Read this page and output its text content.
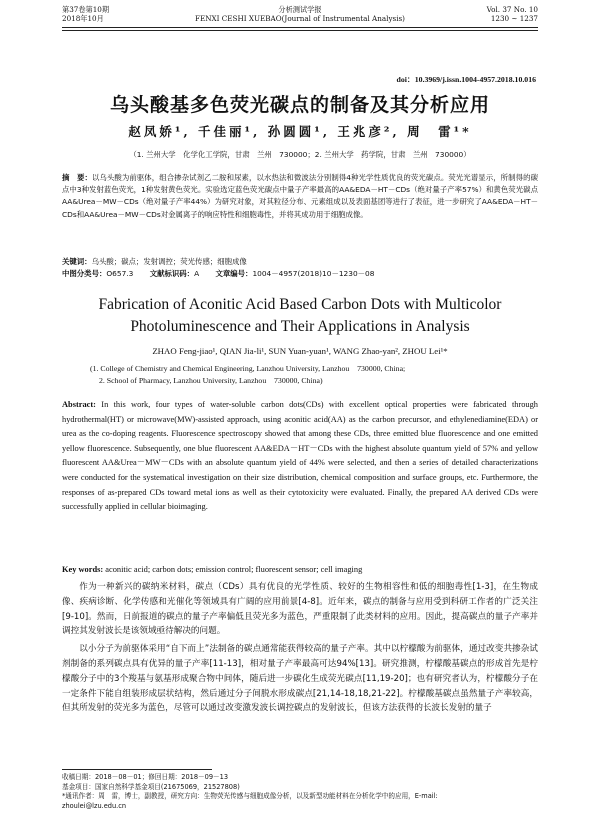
第37卷第10期
2018年10月
分析测试学报
FENXI CESHI XUEBAO(Journal of Instrumental Analysis)
Vol. 37 No. 10
1230 ~ 1237
doi：10.3969/j.issn.1004-4957.2018.10.016
乌头酸基多色荧光碳点的制备及其分析应用
赵凤娇¹, 千佳丽¹, 孙圆圆¹, 王兆彦², 周　雷¹*
（1. 兰州大学　化学化工学院，甘肃　兰州　730000；2. 兰州大学　药学院，甘肃　兰州　730000）
摘　要：以乌头酸为前驱体，组合掺杂试剂乙二胺和尿素，以水热法和微波法分别制得4种光学性质优良的荧光碳点。荧光光谱显示，所制得的碳点中3种发射蓝色荧光，1种发射黄色荧光。实验选定蓝色荧光碳点中量子产率最高的AA&EDA－HT－CDs（绝对量子产率57%）和黄色荧光碳点AA&Urea－MW－CDs（绝对量子产率44%）为研究对象，对其粒径分布、元素组成以及表面基团等进行了表征，进一步研究了AA&EDA－HT－CDs和AA&Urea－MW－CDs对金属离子的响应特性和细胞毒性，并将其成功用于细胞成像。
关键词：乌头酸；碳点；发射调控；荧光传感；细胞成像
中图分类号：O657.3 文献标识码：A 文章编号：1004－4957(2018)10－1230－08
Fabrication of Aconitic Acid Based Carbon Dots with Multicolor Photoluminescence and Their Applications in Analysis
ZHAO Feng-jiao¹, QIAN Jia-li¹, SUN Yuan-yuan¹, WANG Zhao-yan², ZHOU Lei¹*
(1. College of Chemistry and Chemical Engineering, Lanzhou University, Lanzhou　730000, China;
2. School of Pharmacy, Lanzhou University, Lanzhou　730000, China)
Abstract: In this work, four types of water-soluble carbon dots(CDs) with excellent optical properties were fabricated through hydrothermal(HT) or microwave(MW)-assisted approach, using aconitic acid(AA) as the carbon precursor, and ethylenediamine(EDA) or urea as the co-doping reagents. Fluorescence spectroscopy showed that among these CDs, three emitted blue fluorescence and one emitted yellow fluorescence. Subsequently, one blue fluorescent AA&EDA－HT－CDs with the highest absolute quantum yield of 57% and yellow fluorescent AA&Urea－MW－CDs with an absolute quantum yield of 44% were selected, and then a series of detailed characterizations were conducted for the systematical investigation on their size distribution, chemical composition and surface groups, etc. Furthermore, the responses of as-prepared CDs toward metal ions as well as their cytotoxicity were evaluated. Finally, the prepared AA derived CDs were successfully applied in cellular bioimaging.
Key words: aconitic acid; carbon dots; emission control; fluorescent sensor; cell imaging

作为一种新兴的碳纳米材料，碳点（CDs）具有优良的光学性质、较好的生物相容性和低的细胞毒性[1-3]，在生物成像、疾病诊断、化学传感和光催化等领域具有广阔的应用前景[4-8]。近年来，碳点的制备与应用受到科研工作者的广泛关注[9-10]。然而，日前报道的碳点的量子产率偏低且荧光多为蓝色，严重限制了此类材料的应用。因此，提高碳点的量子产率并调控其发射波长是该领域亟待解决的问题。

以小分子为前驱体采用“自下而上”法制备的碳点通常能获得较高的量子产率。其中以柠檬酸为前驱体，通过改变共掺杂试剂制备的系列碳点具有优异的量子产率[11-13]，相对量子产率最高可达94%[13]。研究推测，柠檬酸基碳点的形成首先是柠檬酸分子中的3个羧基与氨基形成聚合物中间体，随后进一步碳化生成荧光碳点[11,19-20]；也有研究者认为，柠檬酸分子在一定条件下能自组装形成层状结构，然后通过分子间脱水形成碳点[21,14-18,18,21-22]。柠檬酸基碳点虽然量子产率较高，但其所发射的荧光多为蓝色，尽管可以通过改变激发波长调控碳点的发射波长，但该方法获得的长波长发射的量子

收稿日期：2018－08－01；修回日期：2018－09－13
基金项目：国家自然科学基金项目(21675069，21527808)
*通讯作者：周　雷，博士，副教授，研究方向：生物荧光传感与细胞成像分析，以及新型功能材料在分析化学中的应用，E-mail:
zhoulei@lzu.edu.cn
